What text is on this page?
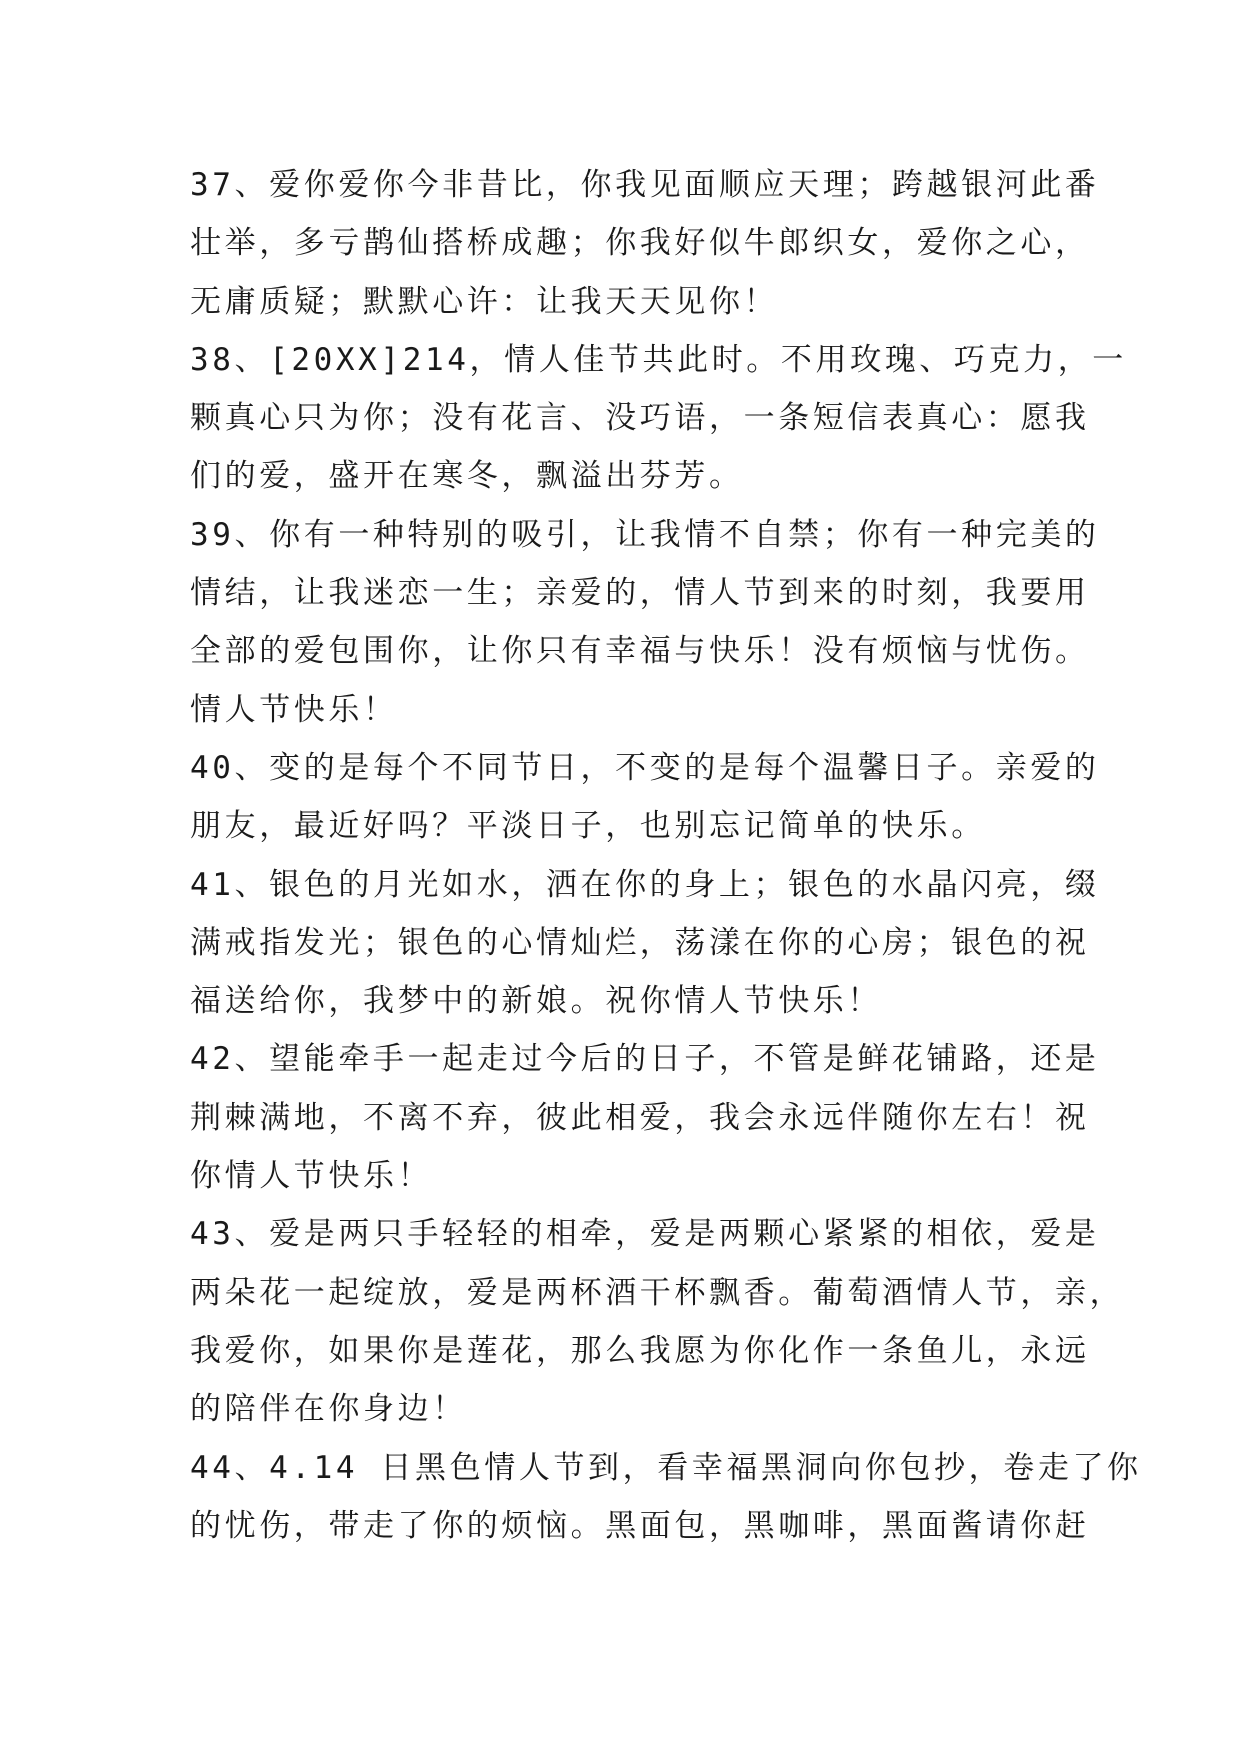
37、爱你爱你今非昔比，你我见面顺应天理；跨越银河此番
壮举，多亏鹊仙搭桥成趣；你我好似牛郎织女，爱你之心，
无庸质疑；默默心许：让我天天见你！
38、[20XX]214，情人佳节共此时。不用玫瑰、巧克力，一
颗真心只为你；没有花言、没巧语，一条短信表真心：愿我
们的爱，盛开在寒冬，飘溢出芬芳。
39、你有一种特别的吸引，让我情不自禁；你有一种完美的
情结，让我迷恋一生；亲爱的，情人节到来的时刻，我要用
全部的爱包围你，让你只有幸福与快乐！没有烦恼与忧伤。
情人节快乐！
40、变的是每个不同节日，不变的是每个温馨日子。亲爱的
朋友，最近好吗？平淡日子，也别忘记简单的快乐。
41、银色的月光如水，洒在你的身上；银色的水晶闪亮，缀
满戒指发光；银色的心情灿烂，荡漾在你的心房；银色的祝
福送给你，我梦中的新娘。祝你情人节快乐！
42、望能牵手一起走过今后的日子，不管是鲜花铺路，还是
荆棘满地，不离不弃，彼此相爱，我会永远伴随你左右！祝
你情人节快乐！
43、爱是两只手轻轻的相牵，爱是两颗心紧紧的相依，爱是
两朵花一起绽放，爱是两杯酒干杯飘香。葡萄酒情人节，亲，
我爱你，如果你是莲花，那么我愿为你化作一条鱼儿，永远
的陪伴在你身边！
44、4.14 日黑色情人节到，看幸福黑洞向你包抄，卷走了你
的忧伤，带走了你的烦恼。黑面包，黑咖啡，黑面酱请你赶
